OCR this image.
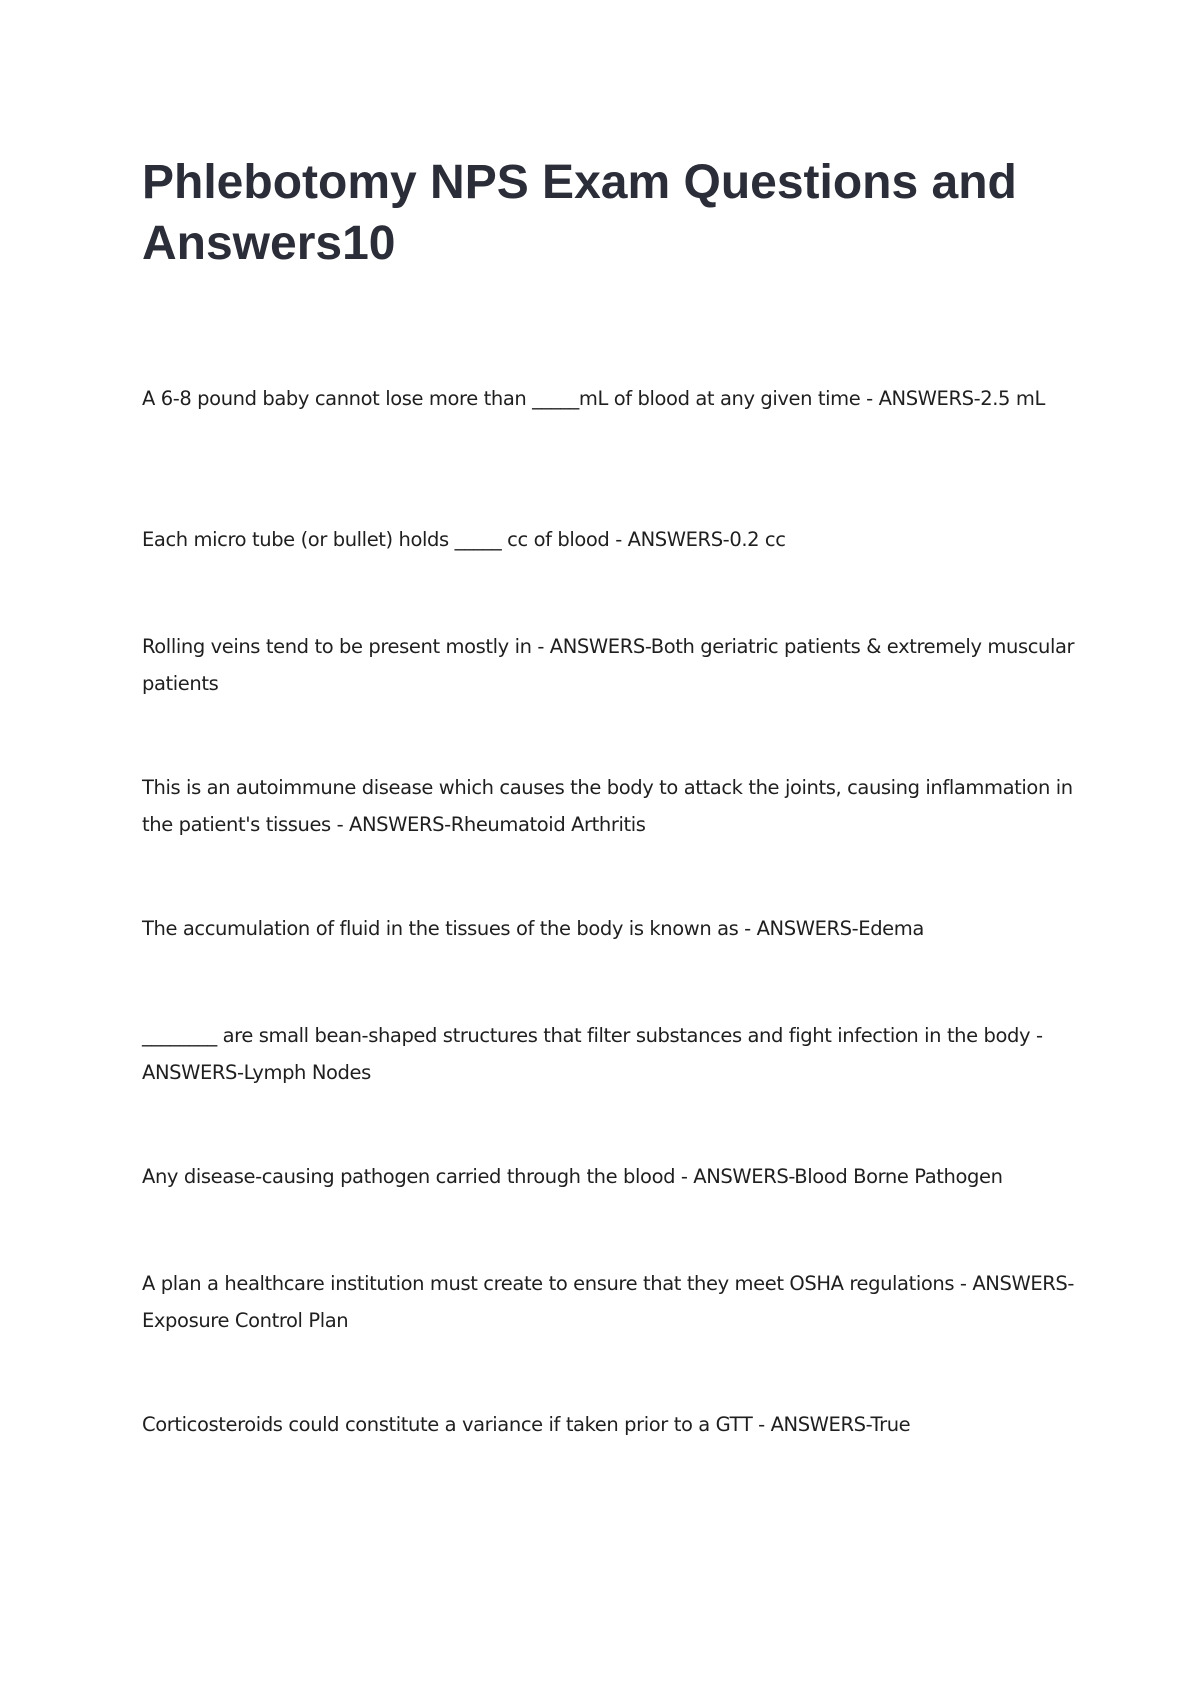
Phlebotomy NPS Exam Questions and Answers10

A 6-8 pound baby cannot lose more than _____mL of blood at any given time - ANSWERS-2.5 mL

Each micro tube (or bullet) holds _____ cc of blood - ANSWERS-0.2 cc

Rolling veins tend to be present mostly in - ANSWERS-Both geriatric patients & extremely muscular patients

This is an autoimmune disease which causes the body to attack the joints, causing inflammation in the patient's tissues - ANSWERS-Rheumatoid Arthritis

The accumulation of fluid in the tissues of the body is known as - ANSWERS-Edema

________ are small bean-shaped structures that filter substances and fight infection in the body - ANSWERS-Lymph Nodes

Any disease-causing pathogen carried through the blood - ANSWERS-Blood Borne Pathogen

A plan a healthcare institution must create to ensure that they meet OSHA regulations - ANSWERS-Exposure Control Plan

Corticosteroids could constitute a variance if taken prior to a GTT - ANSWERS-True
